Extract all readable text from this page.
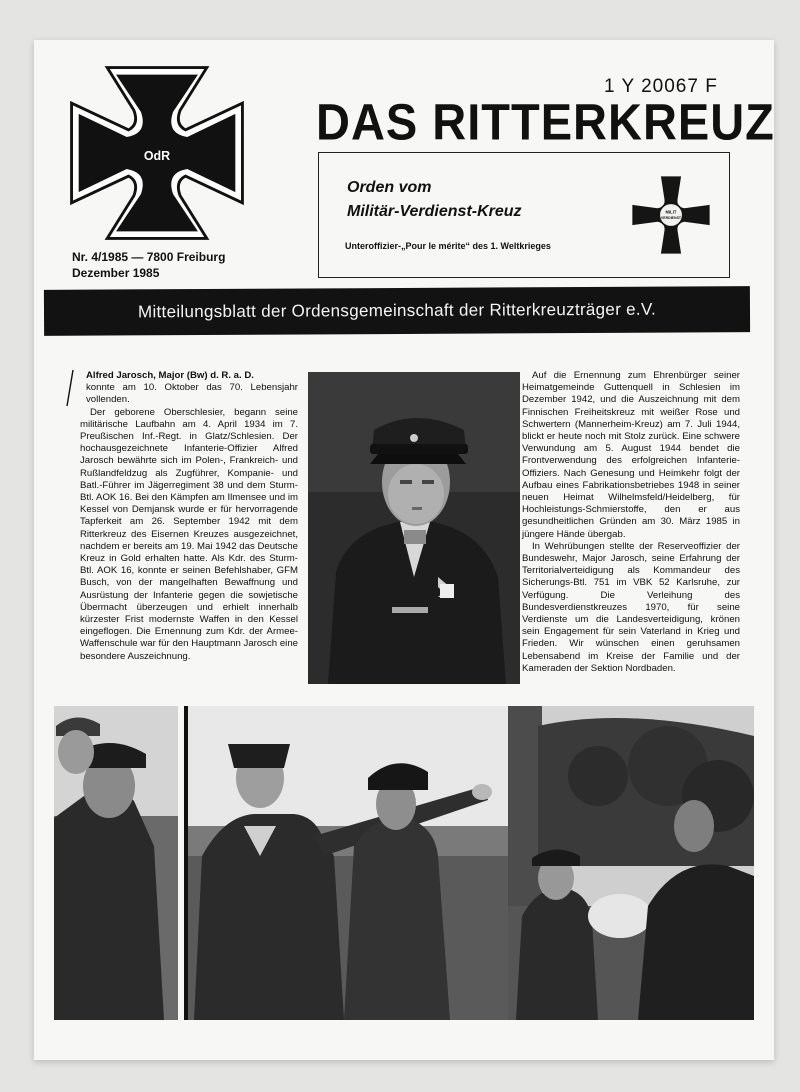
OdR
Nr. 4/1985 — 7800 Freiburg
Dezember 1985
1 Y 20067 F
DAS RITTERKREUZ
Orden vom
Militär-Verdienst-Kreuz
Unteroffizier-„Pour le mérite“ des 1. Weltkrieges
MILIT
VERDIENST
Mitteilungsblatt der Ordensgemeinschaft der Ritterkreuzträger e.V.

Alfred Jarosch, Major (Bw) d. R. a. D.

konnte am 10. Oktober das 70. Lebensjahr vollenden.

Der geborene Oberschlesier, begann seine militärische Laufbahn am 4. April 1934 im 7. Preußischen Inf.-Regt. in Glatz/Schlesien. Der hochausgezeichnete Infanterie-Offizier Alfred Jarosch bewährte sich im Polen-, Frankreich- und Rußlandfeldzug als Zugführer, Kompanie- und Batl.-Führer im Jägerregiment 38 und dem Sturm-Btl. AOK 16. Bei den Kämpfen am Ilmensee und im Kessel von Demjansk wurde er für hervorragende Tapferkeit am 26. September 1942 mit dem Ritterkreuz des Eisernen Kreuzes ausgezeichnet, nachdem er bereits am 19. Mai 1942 das Deutsche Kreuz in Gold erhalten hatte. Als Kdr. des Sturm-Btl. AOK 16, konnte er seinen Befehlshaber, GFM Busch, von der mangelhaften Bewaffnung und Ausrüstung der Infanterie gegen die sowjetische Übermacht überzeugen und erhielt innerhalb kürzester Frist modernste Waffen in den Kessel eingeflogen. Die Ernennung zum Kdr. der Armee-Waffenschule war für den Hauptmann Jarosch eine besondere Auszeichnung.

Auf die Ernennung zum Ehrenbürger seiner Heimatgemeinde Guttenquell in Schlesien im Dezember 1942, und die Auszeichnung mit dem Finnischen Freiheitskreuz mit weißer Rose und Schwertern (Mannerheim-Kreuz) am 7. Juli 1944, blickt er heute noch mit Stolz zurück. Eine schwere Verwundung am 5. August 1944 bendet die Frontverwendung des erfolgreichen Infanterie-Offiziers. Nach Genesung und Heimkehr folgt der Aufbau eines Fabrikationsbetriebes 1948 in seiner neuen Heimat Wilhelmsfeld/Heidelberg, für Hochleistungs-Schmierstoffe, den er aus gesundheitlichen Gründen am 30. März 1985 in jüngere Hände übergab.

In Wehrübungen stellte der Reserveoffizier der Bundeswehr, Major Jarosch, seine Erfahrung der Territorialverteidigung als Kommandeur des Sicherungs-Btl. 751 im VBK 52 Karlsruhe, zur Verfügung. Die Verleihung des Bundesverdienstkreuzes 1970, für seine Verdienste um die Landesverteidigung, krönen sein Engagement für sein Vaterland in Krieg und Frieden. Wir wünschen einen geruhsamen Lebensabend im Kreise der Familie und der Kameraden der Sektion Nordbaden.
